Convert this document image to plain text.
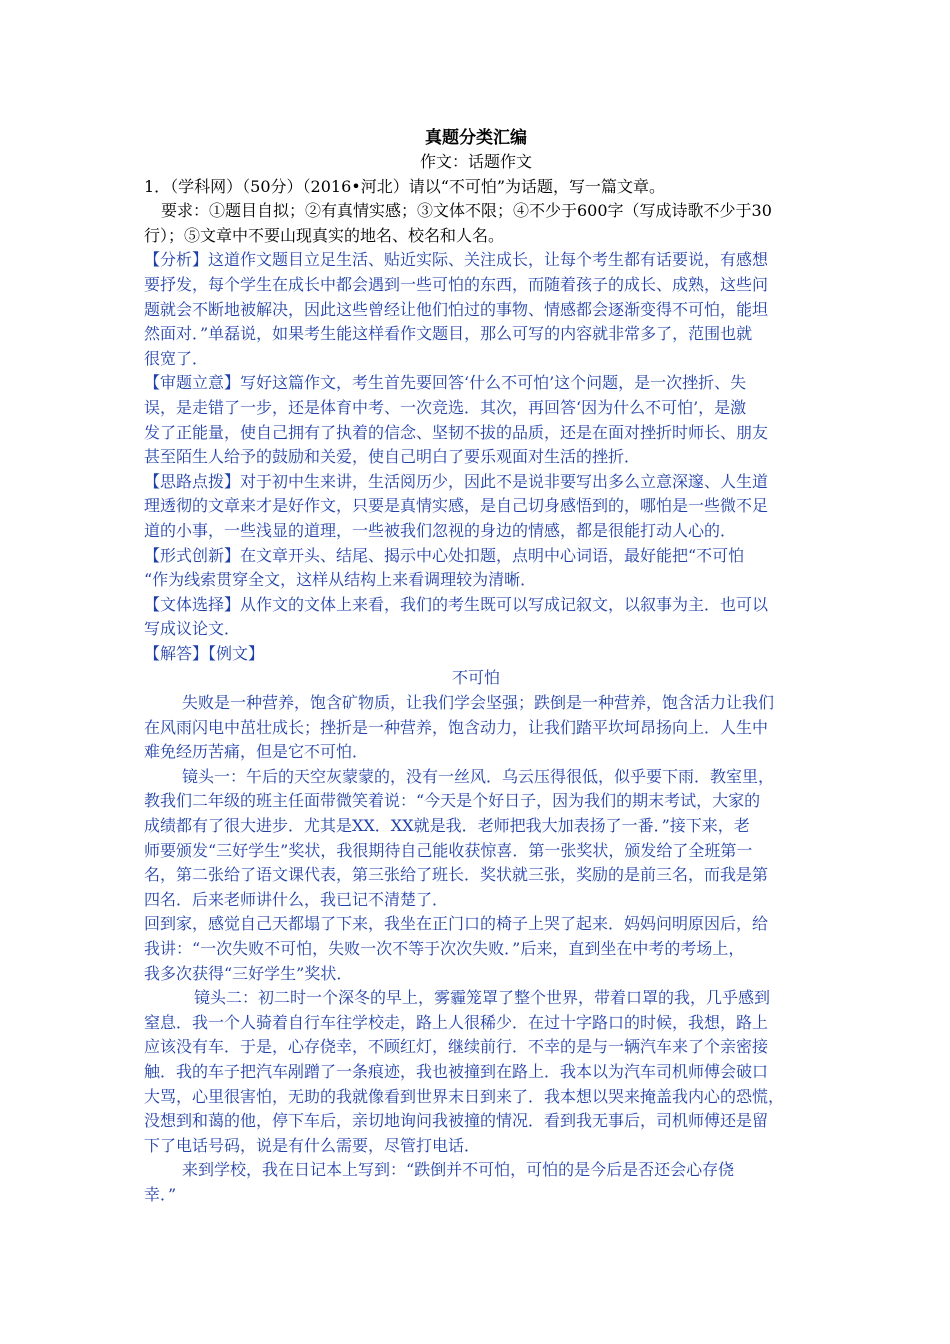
真题分类汇编

作文：话题作文

1．（学科网）（50分）（2016•河北）请以“不可怕”为话题，写一篇文章。

要求：①题目自拟；②有真情实感；③文体不限；④不少于600字（写成诗歌不少于30

行）；⑤文章中不要山现真实的地名、校名和人名。

【分析】这道作文题目立足生活、贴近实际、关注成长，让每个考生都有话要说，有感想

要抒发，每个学生在成长中都会遇到一些可怕的东西，而随着孩子的成长、成熟，这些问

题就会不断地被解决，因此这些曾经让他们怕过的事物、情感都会逐渐变得不可怕，能坦

然面对．”单磊说，如果考生能这样看作文题目，那么可写的内容就非常多了，范围也就

很宽了．

【审题立意】写好这篇作文，考生首先要回答‘什么不可怕’这个问题，是一次挫折、失

误，是走错了一步，还是体育中考、一次竞选．其次，再回答‘因为什么不可怕’，是激

发了正能量，使自己拥有了执着的信念、坚韧不拔的品质，还是在面对挫折时师长、朋友

甚至陌生人给予的鼓励和关爱，使自己明白了要乐观面对生活的挫折．

【思路点拨】对于初中生来讲，生活阅历少，因此不是说非要写出多么立意深邃、人生道

理透彻的文章来才是好作文，只要是真情实感，是自己切身感悟到的，哪怕是一些微不足

道的小事，一些浅显的道理，一些被我们忽视的身边的情感，都是很能打动人心的．

【形式创新】在文章开头、结尾、揭示中心处扣题，点明中心词语，最好能把“不可怕

“作为线索贯穿全文，这样从结构上来看调理较为清晰．

【文体选择】从作文的文体上来看，我们的考生既可以写成记叙文，以叙事为主．也可以

写成议论文．

【解答】【例文】

不可怕

失败是一种营养，饱含矿物质，让我们学会坚强；跌倒是一种营养，饱含活力让我们

在风雨闪电中茁壮成长；挫折是一种营养，饱含动力，让我们踏平坎坷昂扬向上．人生中

难免经历苦痛，但是它不可怕．

镜头一：午后的天空灰蒙蒙的，没有一丝风．乌云压得很低，似乎要下雨．教室里，

教我们二年级的班主任面带微笑着说：“今天是个好日子，因为我们的期末考试，大家的

成绩都有了很大进步．尤其是XX．XX就是我．老师把我大加表扬了一番．”接下来，老

师要颁发“三好学生”奖状，我很期待自己能收获惊喜．第一张奖状，颁发给了全班第一

名，第二张给了语文课代表，第三张给了班长．奖状就三张，奖励的是前三名，而我是第

四名．后来老师讲什么，我已记不清楚了．

回到家，感觉自己天都塌了下来，我坐在正门口的椅子上哭了起来．妈妈问明原因后，给

我讲：“一次失败不可怕，失败一次不等于次次失败．”后来，直到坐在中考的考场上，

我多次获得“三好学生”奖状．

镜头二：初二时一个深冬的早上，雾霾笼罩了整个世界，带着口罩的我，几乎感到

窒息．我一个人骑着自行车往学校走，路上人很稀少．在过十字路口的时候，我想，路上

应该没有车．于是，心存侥幸，不顾红灯，继续前行．不幸的是与一辆汽车来了个亲密接

触．我的车子把汽车剐蹭了一条痕迹，我也被撞到在路上．我本以为汽车司机师傅会破口

大骂，心里很害怕，无助的我就像看到世界末日到来了．我本想以哭来掩盖我内心的恐慌，

没想到和蔼的他，停下车后，亲切地询问我被撞的情况．看到我无事后，司机师傅还是留

下了电话号码，说是有什么需要，尽管打电话．

来到学校，我在日记本上写到：“跌倒并不可怕，可怕的是今后是否还会心存侥

幸．”
